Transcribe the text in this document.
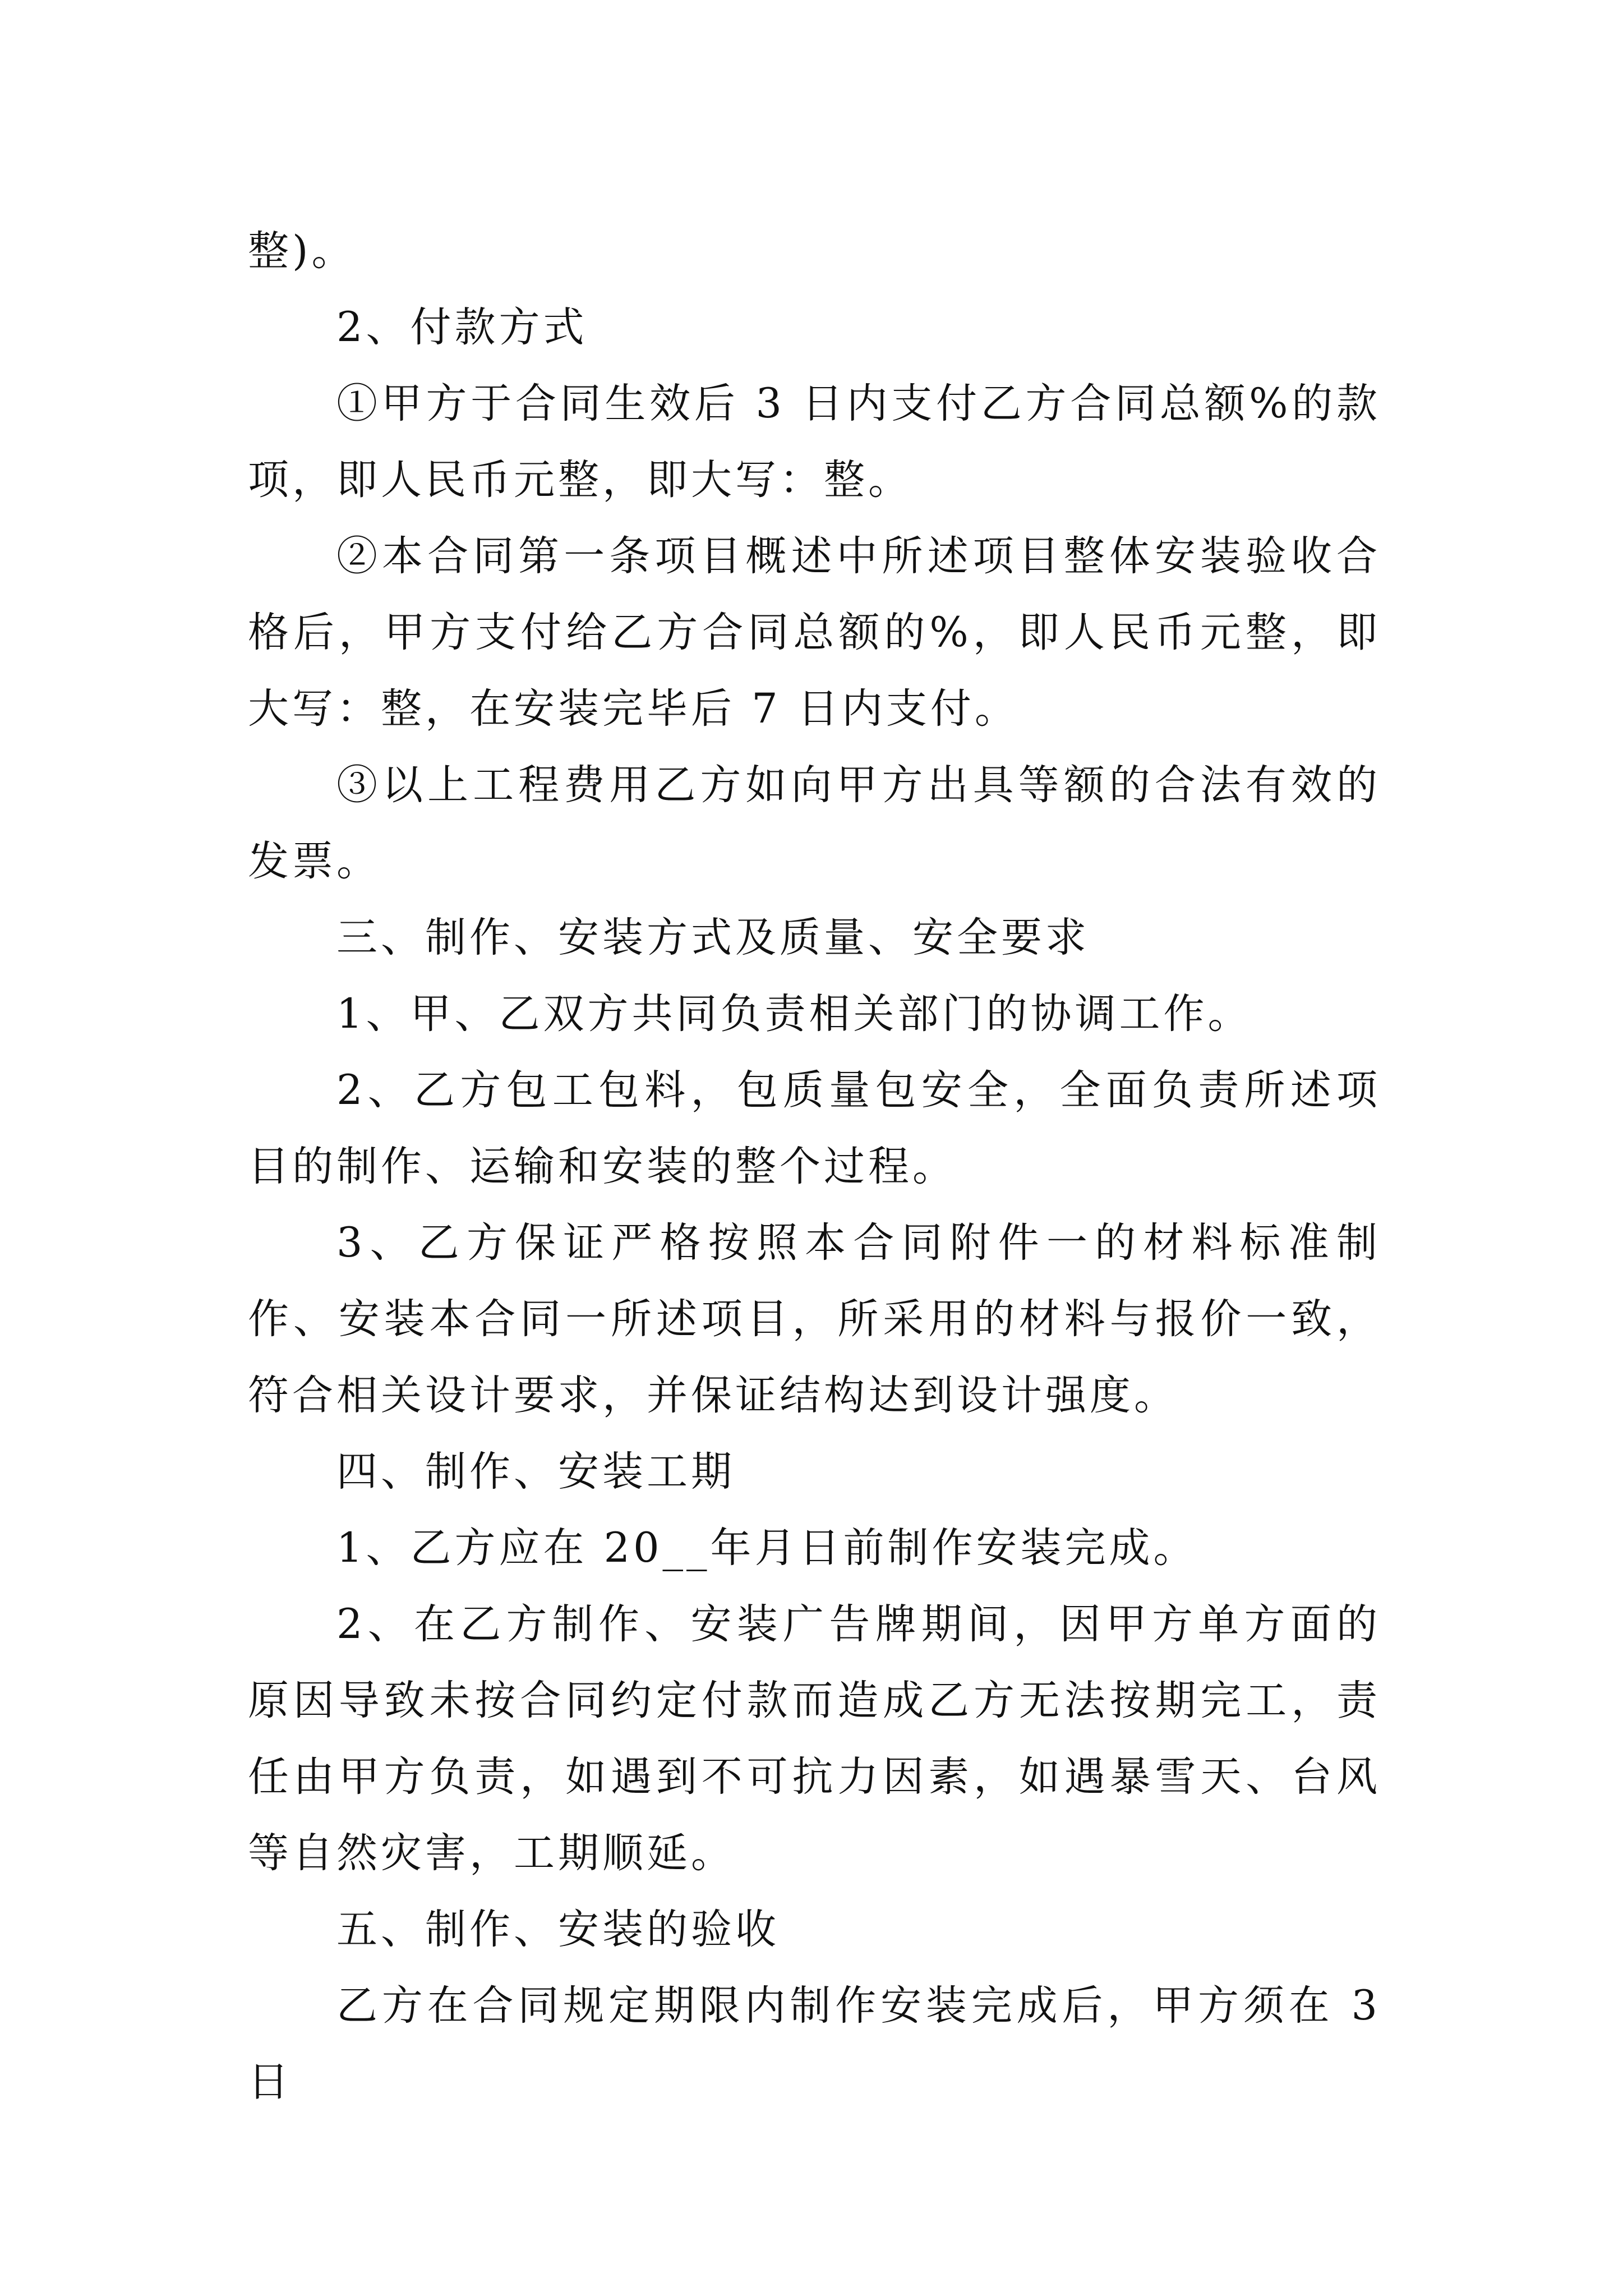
整)。

2、付款方式

①甲方于合同生效后 3 日内支付乙方合同总额%的款项，即人民币元整，即大写：整。

②本合同第一条项目概述中所述项目整体安装验收合格后，甲方支付给乙方合同总额的%，即人民币元整，即大写：整，在安装完毕后 7 日内支付。

③以上工程费用乙方如向甲方出具等额的合法有效的发票。

三、制作、安装方式及质量、安全要求

1、甲、乙双方共同负责相关部门的协调工作。

2、乙方包工包料，包质量包安全，全面负责所述项目的制作、运输和安装的整个过程。

3、乙方保证严格按照本合同附件一的材料标准制作、安装本合同一所述项目，所采用的材料与报价一致，符合相关设计要求，并保证结构达到设计强度。

四、制作、安装工期

1、乙方应在 20__年月日前制作安装完成。

2、在乙方制作、安装广告牌期间，因甲方单方面的原因导致未按合同约定付款而造成乙方无法按期完工，责任由甲方负责，如遇到不可抗力因素，如遇暴雪天、台风等自然灾害，工期顺延。

五、制作、安装的验收

乙方在合同规定期限内制作安装完成后，甲方须在 3 日
